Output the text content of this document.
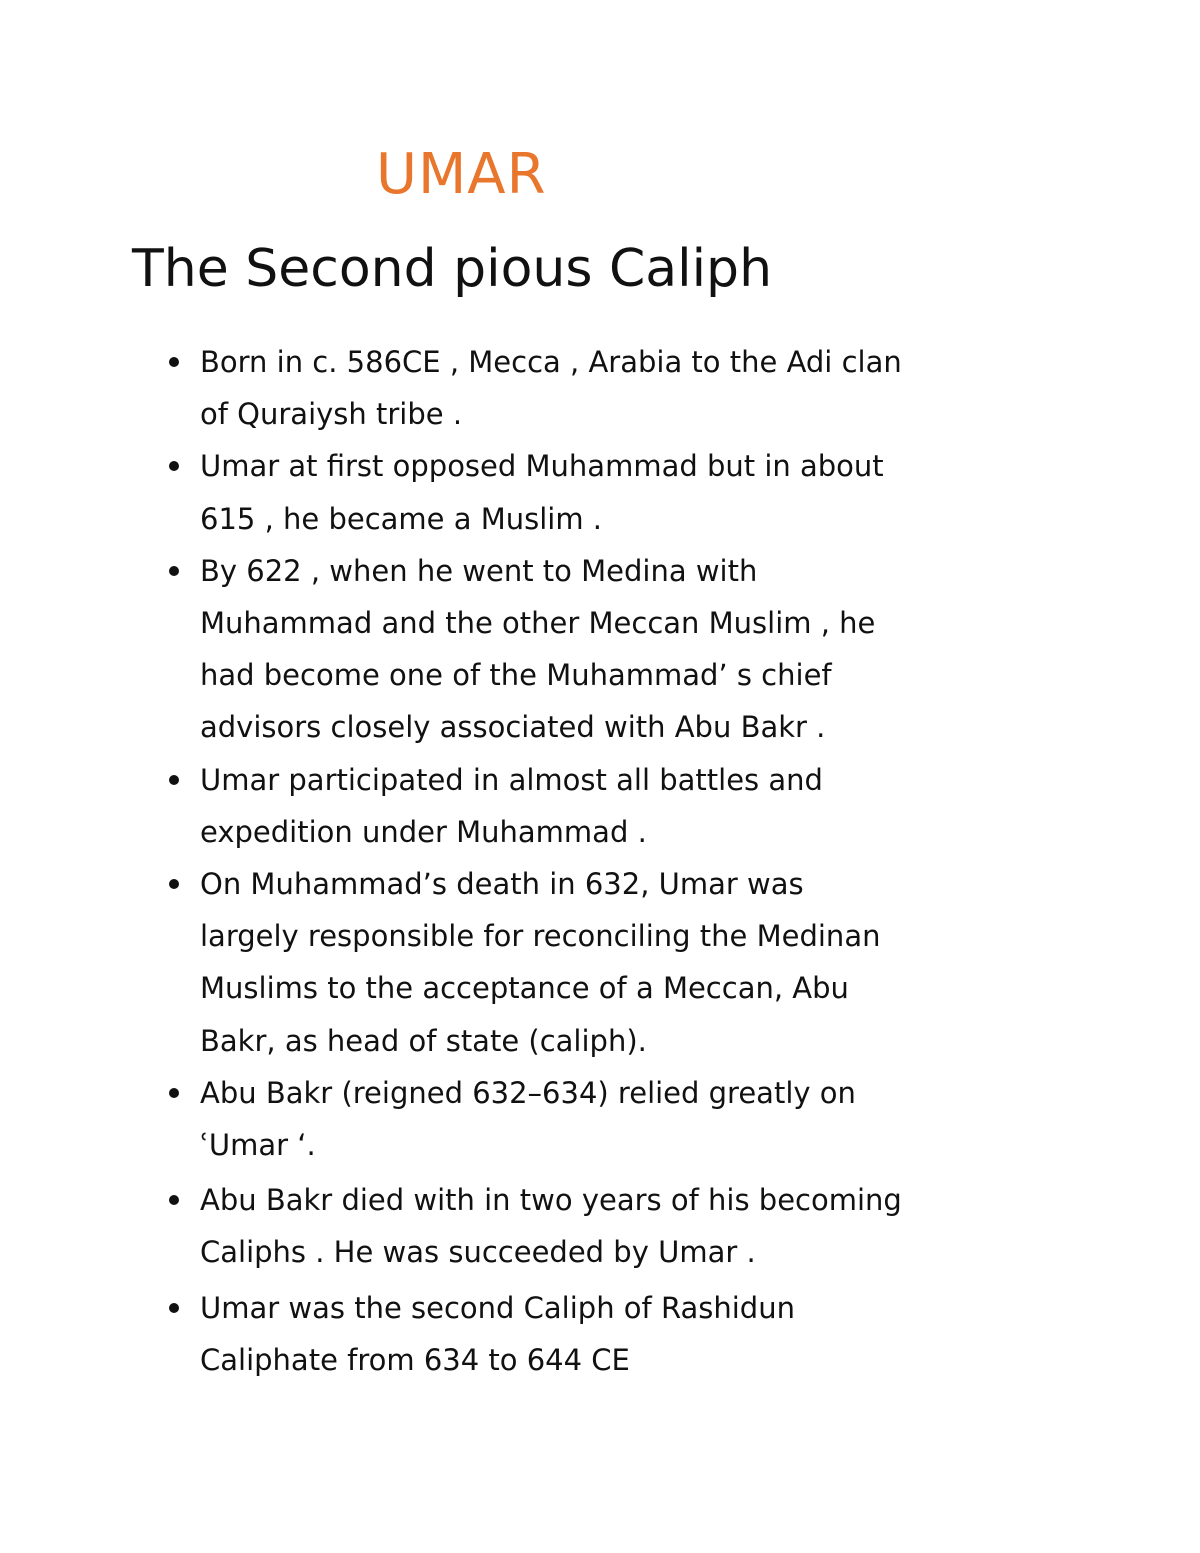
UMAR
The Second pious Caliph
Born in c. 586CE , Mecca , Arabia to the Adi clan
of Quraiysh tribe .
Umar at first opposed Muhammad but in about
615 , he became a Muslim .
By 622 , when he went to Medina with
Muhammad and the other Meccan Muslim , he
had become one of the Muhammad’ s chief
advisors closely associated with Abu Bakr .
Umar participated in almost all battles and
expedition under Muhammad .
On Muhammad’s death in 632, Umar was
largely responsible for reconciling the Medinan
Muslims to the acceptance of a Meccan, Abu
Bakr, as head of state (caliph).
Abu Bakr (reigned 632–634) relied greatly on
ʿUmar ‘.
Abu Bakr died with in two years of his becoming
Caliphs . He was succeeded by Umar .
Umar was the second Caliph of Rashidun
Caliphate from 634 to 644 CE
